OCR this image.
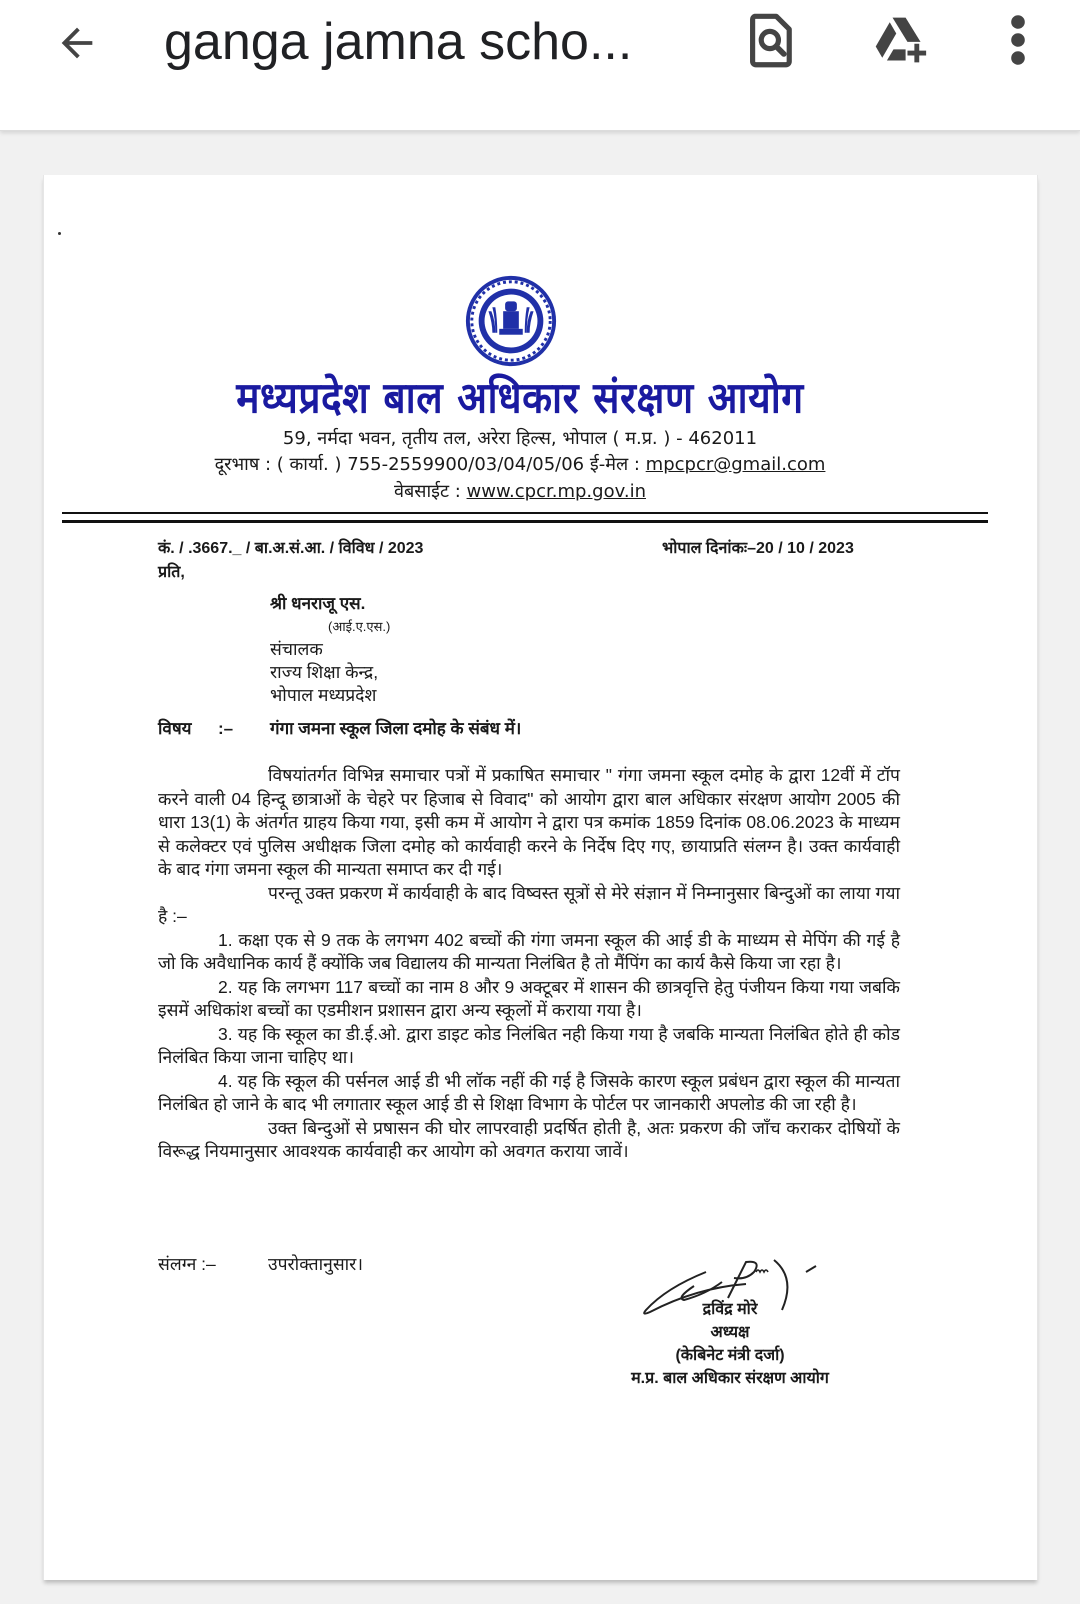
ganga jamna scho...
मध्यप्रदेश बाल अधिकार संरक्षण आयोग
59, नर्मदा भवन, तृतीय तल, अरेरा हिल्स, भोपाल ( म.प्र. ) - 462011
दूरभाष : ( कार्या. ) 755-2559900/03/04/05/06 ई-मेल : mpcpcr@gmail.com
वेबसाईट : www.cpcr.mp.gov.in
कं. / .3667._ / बा.अ.सं.आ. / विविध / 2023	भोपाल दिनांकः–20 / 10 / 2023
प्रति,
श्री धनराजू एस.
(आई.ए.एस.)
संचालक
राज्य शिक्षा केन्द्र,
भोपाल मध्यप्रदेश
विषय :– गंगा जमना स्कूल जिला दमोह के संबंध में।

विषयांतर्गत विभिन्न समाचार पत्रों में प्रकाषित समाचार " गंगा जमना स्कूल दमोह के द्वारा 12वीं में टॉप करने वाली 04 हिन्दू छात्राओं के चेहरे पर हिजाब से विवाद" को आयोग द्वारा बाल अधिकार संरक्षण आयोग 2005 की धारा 13(1) के अंतर्गत ग्राहय किया गया, इसी कम में आयोग ने द्वारा पत्र कमांक 1859 दिनांक 08.06.2023 के माध्यम से कलेक्टर एवं पुलिस अधीक्षक जिला दमोह को कार्यवाही करने के निर्देष दिए गए, छायाप्रति संलग्न है। उक्त कार्यवाही के बाद गंगा जमना स्कूल की मान्यता समाप्त कर दी गई।

परन्तू उक्त प्रकरण में कार्यवाही के बाद विष्वस्त सूत्रों से मेरे संज्ञान में निम्नानुसार बिन्दुओं का लाया गया है :–

1. कक्षा एक से 9 तक के लगभग 402 बच्चों की गंगा जमना स्कूल की आई डी के माध्यम से मेपिंग की गई है जो कि अवैधानिक कार्य हैं क्योंकि जब विद्यालय की मान्यता निलंबित है तो मैंपिंग का कार्य कैसे किया जा रहा है।

2. यह कि लगभग 117 बच्चों का नाम 8 और 9 अक्टूबर में शासन की छात्रवृत्ति हेतु पंजीयन किया गया जबकि इसमें अधिकांश बच्चों का एडमीशन प्रशासन द्वारा अन्य स्कूलों में कराया गया है।

3. यह कि स्कूल का डी.ई.ओ. द्वारा डाइट कोड निलंबित नही किया गया है जबकि मान्यता निलंबित होते ही कोड निलंबित किया जाना चाहिए था।

4. यह कि स्कूल की पर्सनल आई डी भी लॉक नहीं की गई है जिसके कारण स्कूल प्रबंधन द्वारा स्कूल की मान्यता निलंबित हो जाने के बाद भी लगातार स्कूल आई डी से शिक्षा विभाग के पोर्टल पर जानकारी अपलोड की जा रही है।

उक्त बिन्दुओं से प्रषासन की घोर लापरवाही प्रदर्षित होती है, अतः प्रकरण की जाँच कराकर दोषियों के विरूद्ध नियमानुसार आवश्यक कार्यवाही कर आयोग को अवगत कराया जावें।

संलग्न :–	उपरोक्तानुसार।
द्रविंद्र मोरे
अध्यक्ष
(केबिनेट मंत्री दर्जा)
म.प्र. बाल अधिकार संरक्षण आयोग
